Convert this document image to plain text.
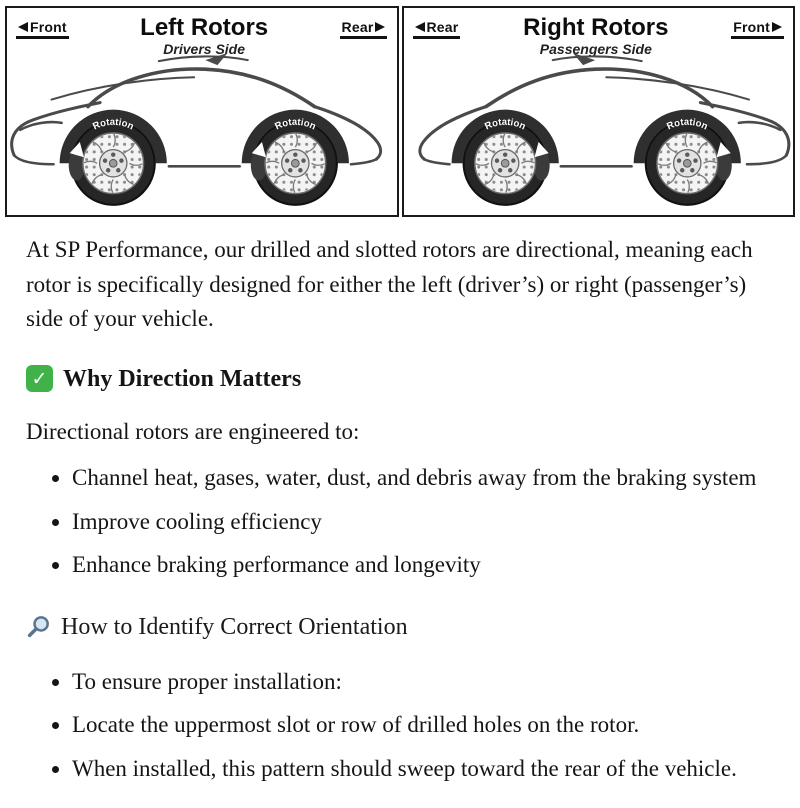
Front	Left Rotors
Drivers Side
Rear
Rotation	Rotation
Rear	Right Rotors
Passengers Side
Front
Rotation	Rotation

At SP Performance, our drilled and slotted rotors are directional, meaning each rotor is specifically designed for either the left (driver’s) or right (passenger’s) side of your vehicle.

✓ Why Direction Matters

Directional rotors are engineered to:

• Channel heat, gases, water, dust, and debris away from the braking system
• Improve cooling efficiency
• Enhance braking performance and longevity
How to Identify Correct Orientation
• To ensure proper installation:
• Locate the uppermost slot or row of drilled holes on the rotor.
• When installed, this pattern should sweep toward the rear of the vehicle.
